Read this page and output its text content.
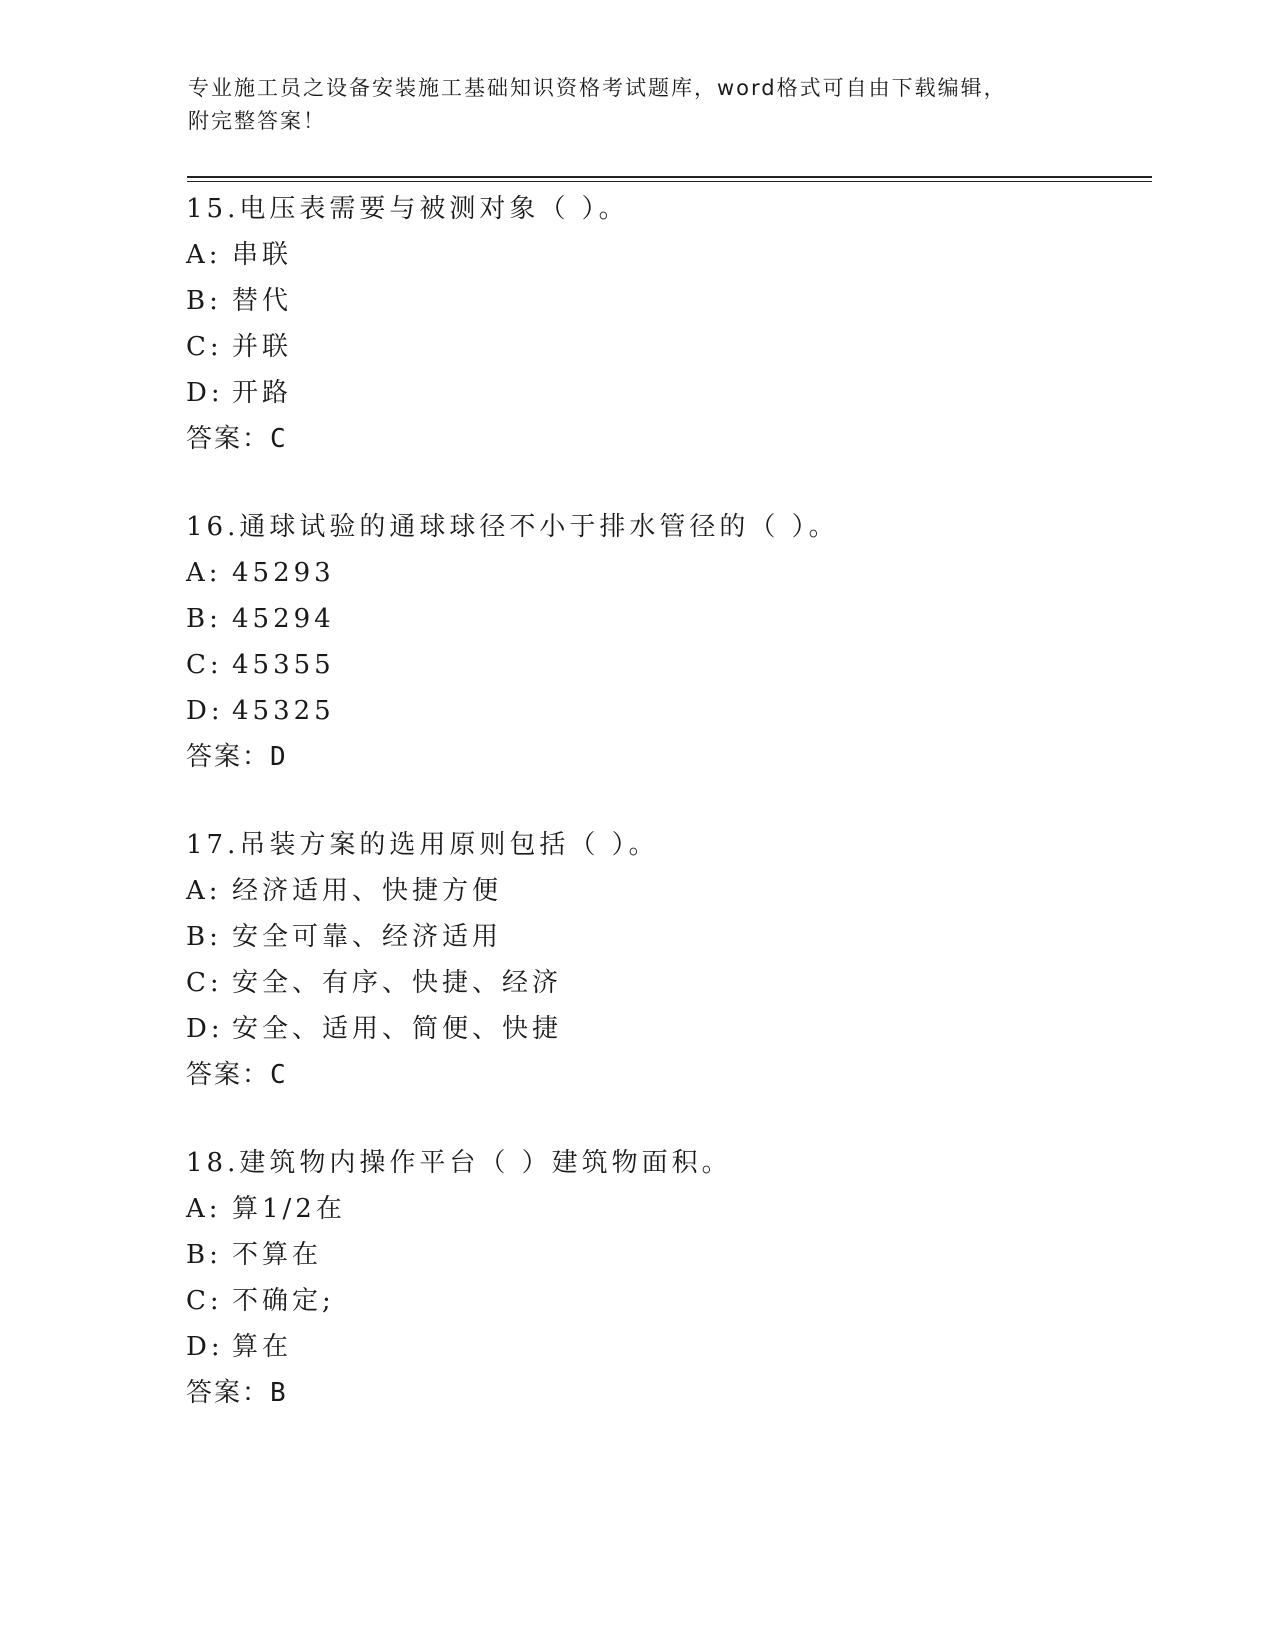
专业施工员之设备安装施工基础知识资格考试题库，word格式可自由下载编辑，
附完整答案！
15.电压表需要与被测对象（ ）。
A: 串联
B: 替代
C: 并联
D: 开路
答案：C
16.通球试验的通球球径不小于排水管径的（ ）。
A: 45293
B: 45294
C: 45355
D: 45325
答案：D
17.吊装方案的选用原则包括（ ）。
A: 经济适用、快捷方便
B: 安全可靠、经济适用
C: 安全、有序、快捷、经济
D: 安全、适用、简便、快捷
答案：C
18.建筑物内操作平台（ ）建筑物面积。
A: 算1/2在
B: 不算在
C: 不确定;
D: 算在
答案：B
